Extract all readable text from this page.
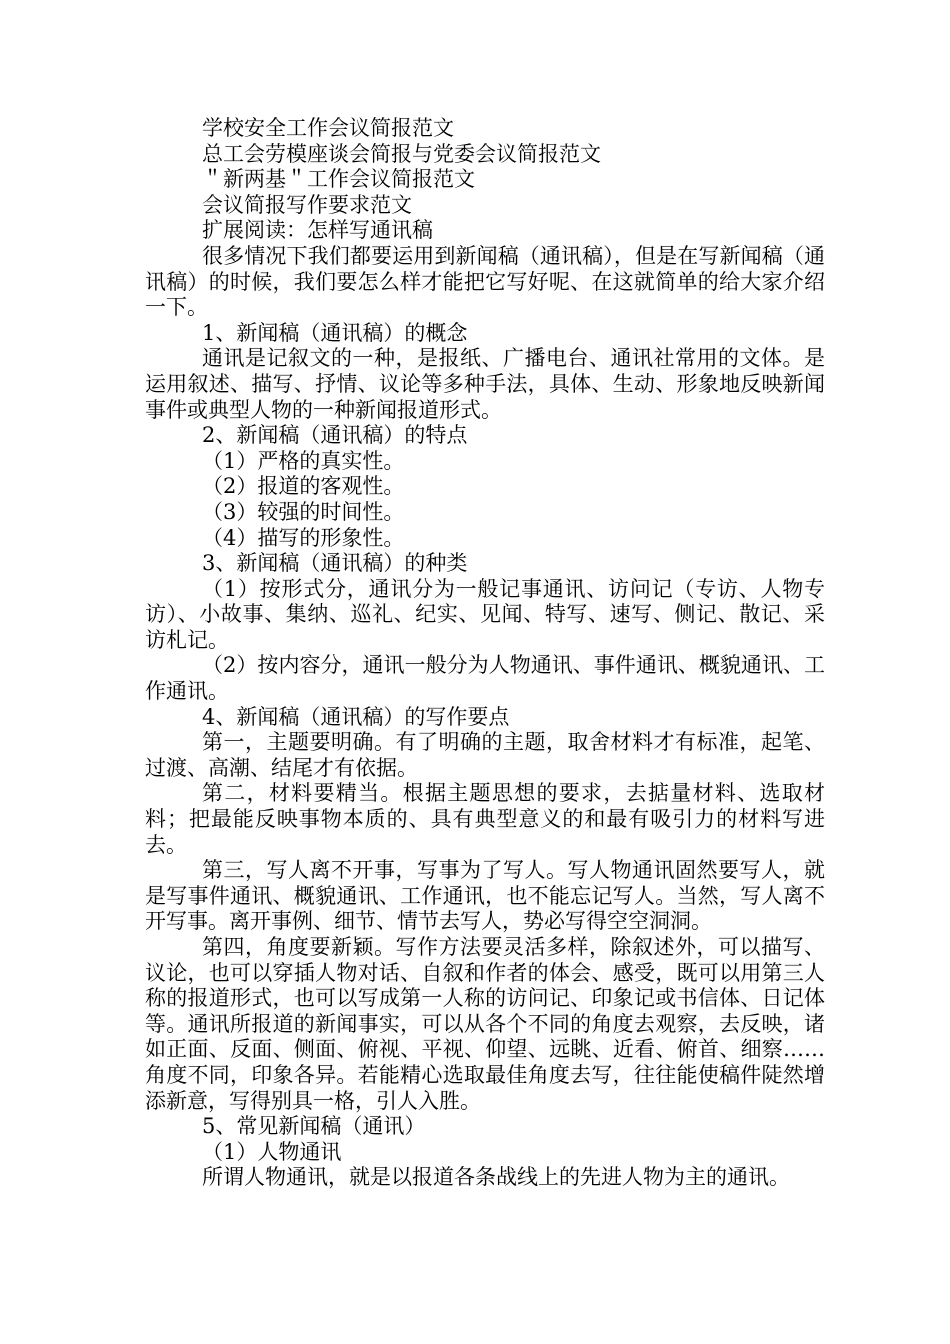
学校安全工作会议简报范文

总工会劳模座谈会简报与党委会议简报范文

＂新两基＂工作会议简报范文

会议简报写作要求范文

扩展阅读：怎样写通讯稿

很多情况下我们都要运用到新闻稿（通讯稿），但是在写新闻稿（通讯稿）的时候，我们要怎么样才能把它写好呢、在这就简单的给大家介绍一下。

1、新闻稿（通讯稿）的概念

通讯是记叙文的一种，是报纸、广播电台、通讯社常用的文体。是运用叙述、描写、抒情、议论等多种手法，具体、生动、形象地反映新闻事件或典型人物的一种新闻报道形式。

2、新闻稿（通讯稿）的特点

（1）严格的真实性。

（2）报道的客观性。

（3）较强的时间性。

（4）描写的形象性。

3、新闻稿（通讯稿）的种类

（1）按形式分，通讯分为一般记事通讯、访问记（专访、人物专访）、小故事、集纳、巡礼、纪实、见闻、特写、速写、侧记、散记、采访札记。

（2）按内容分，通讯一般分为人物通讯、事件通讯、概貌通讯、工作通讯。

4、新闻稿（通讯稿）的写作要点

第一，主题要明确。有了明确的主题，取舍材料才有标准，起笔、过渡、高潮、结尾才有依据。

第二，材料要精当。根据主题思想的要求，去掂量材料、选取材料；把最能反映事物本质的、具有典型意义的和最有吸引力的材料写进去。

第三，写人离不开事，写事为了写人。写人物通讯固然要写人，就是写事件通讯、概貌通讯、工作通讯，也不能忘记写人。当然，写人离不开写事。离开事例、细节、情节去写人，势必写得空空洞洞。

第四，角度要新颖。写作方法要灵活多样，除叙述外，可以描写、议论，也可以穿插人物对话、自叙和作者的体会、感受，既可以用第三人称的报道形式，也可以写成第一人称的访问记、印象记或书信体、日记体等。通讯所报道的新闻事实，可以从各个不同的角度去观察，去反映，诸如正面、反面、侧面、俯视、平视、仰望、远眺、近看、俯首、细察……角度不同，印象各异。若能精心选取最佳角度去写，往往能使稿件陡然增添新意，写得别具一格，引人入胜。

5、常见新闻稿（通讯）

（1）人物通讯

所谓人物通讯，就是以报道各条战线上的先进人物为主的通讯。
